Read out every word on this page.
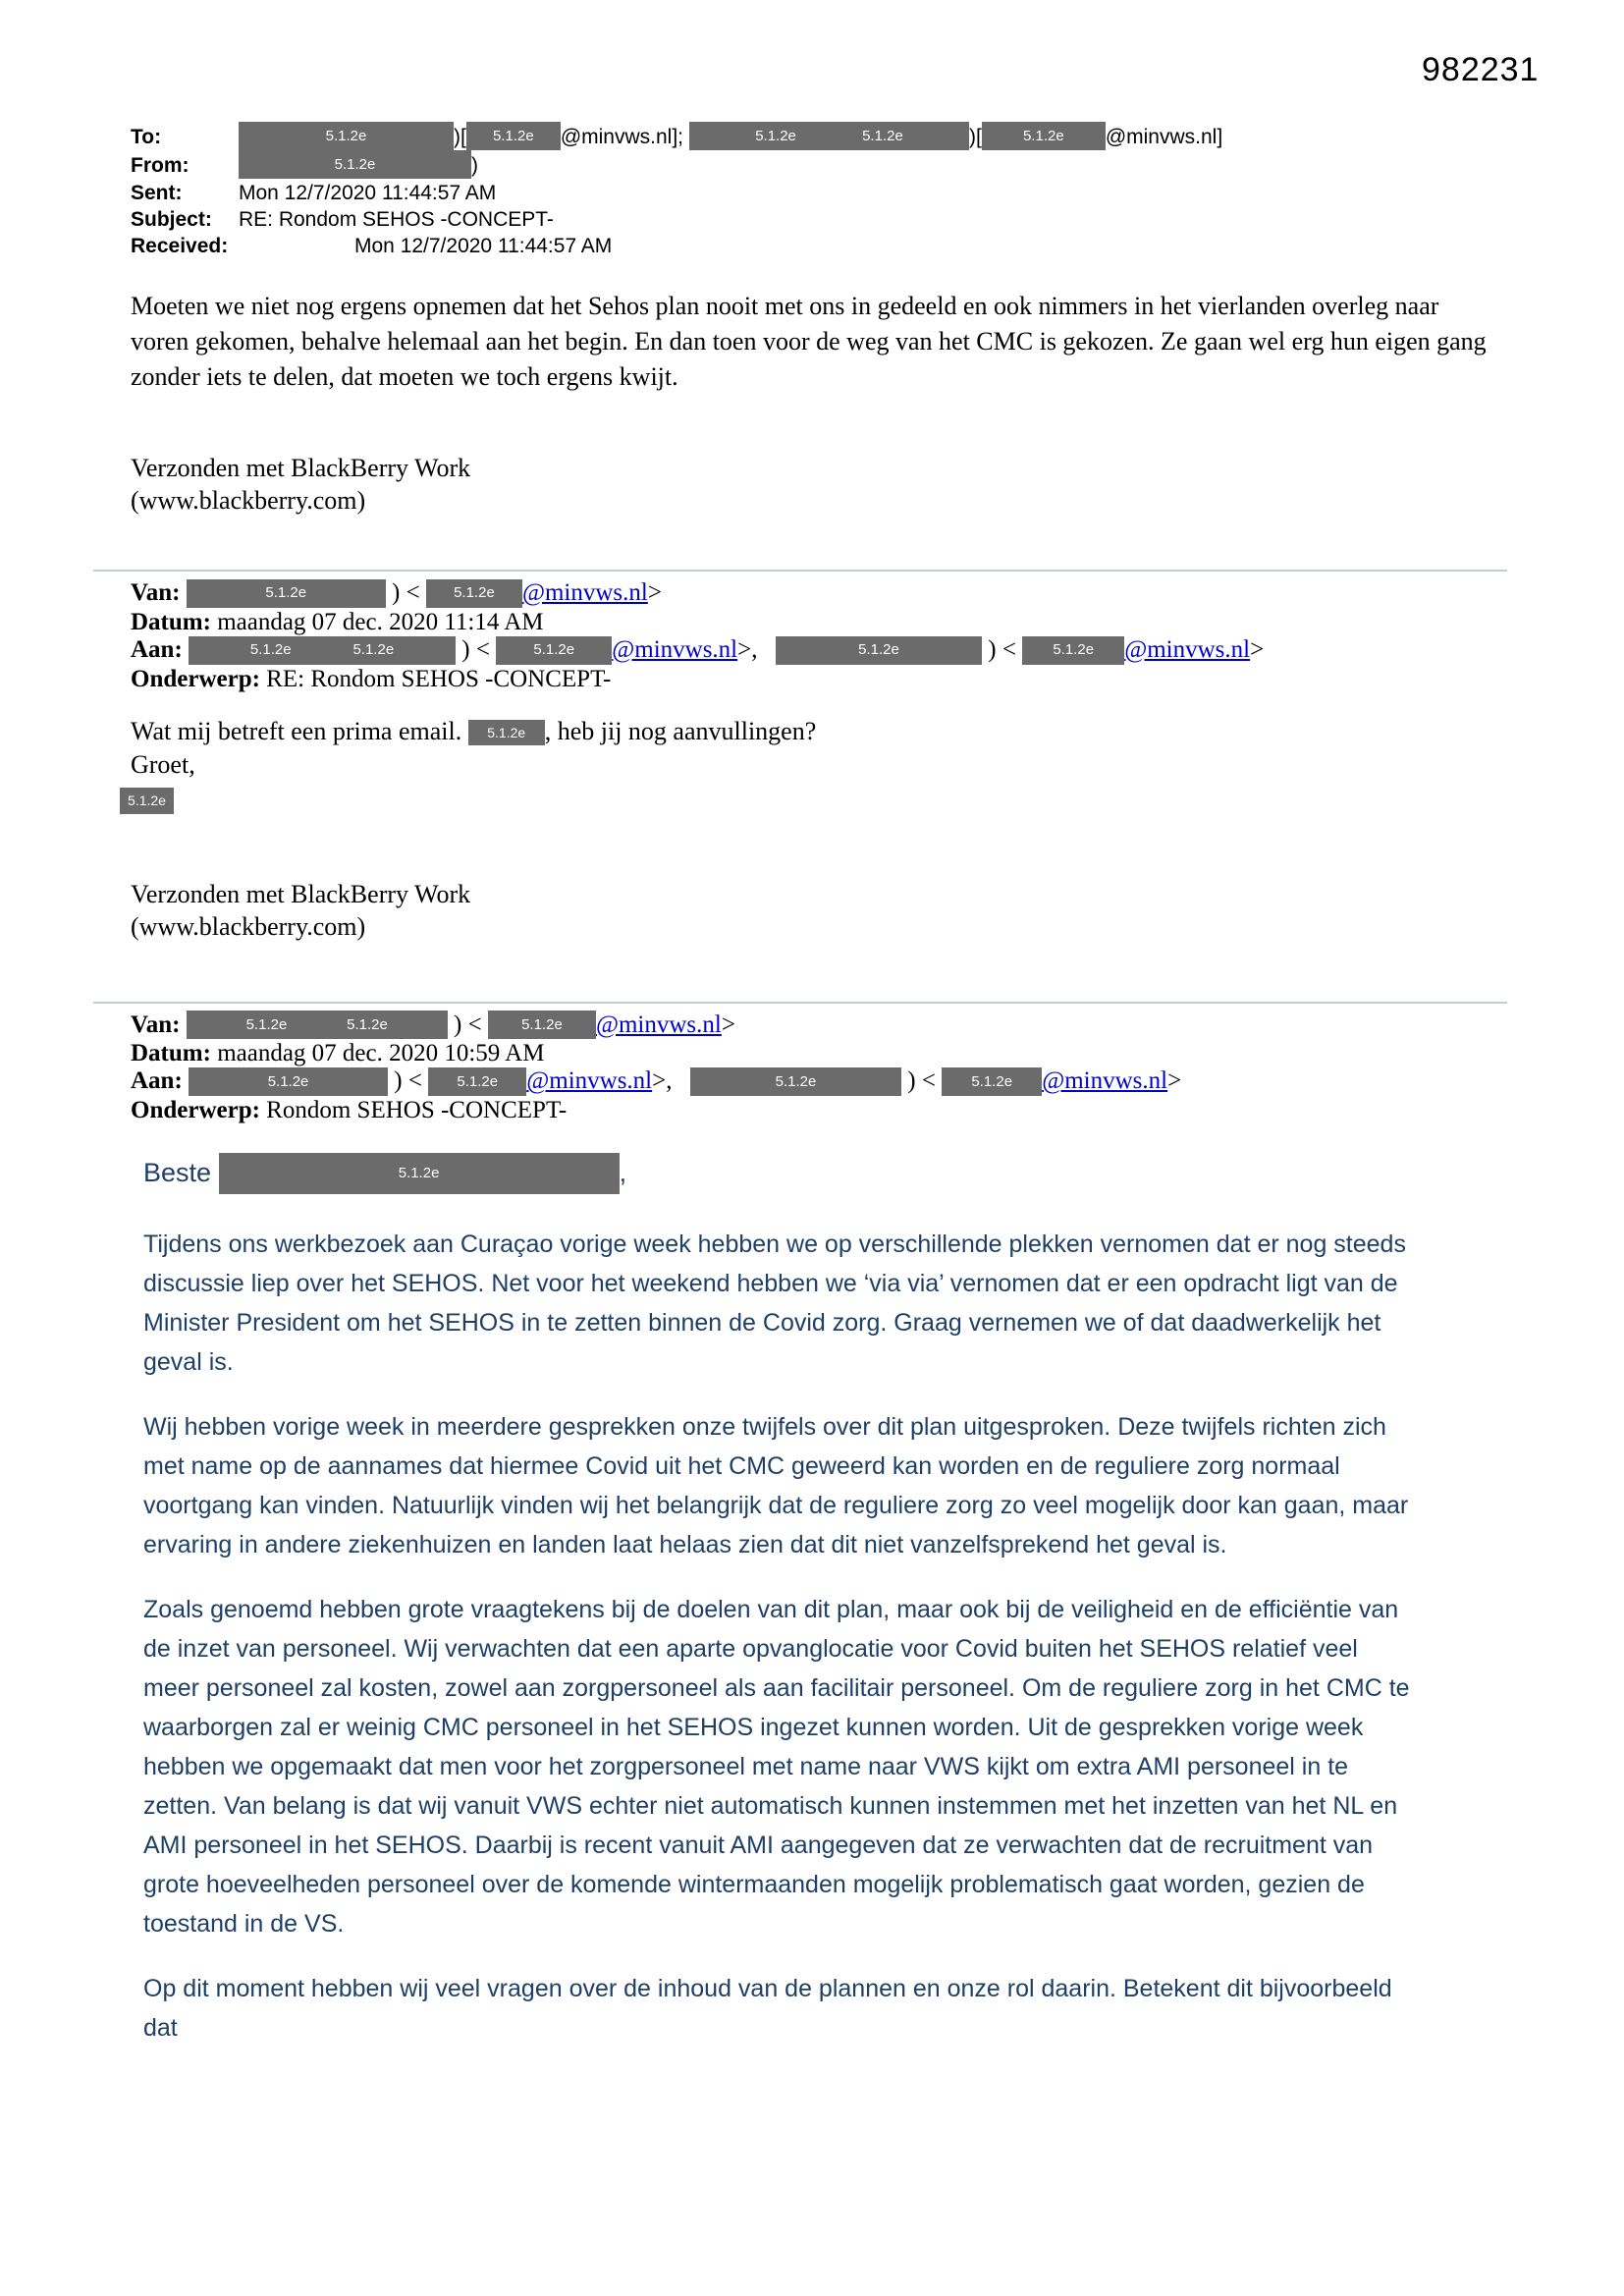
982231
To:	5.1.2e	)[	5.1.2e	@minvws.nl];	5.1.2e	5.1.2e	)[	5.1.2e	@minvws.nl]
From:	5.1.2e	)
Sent:	Mon 12/7/2020 11:44:57 AM
Subject:	RE: Rondom SEHOS -CONCEPT-
Received:	Mon 12/7/2020 11:44:57 AM
Moeten we niet nog ergens opnemen dat het Sehos plan nooit met ons in gedeeld en ook nimmers in het vierlanden overleg naar voren gekomen, behalve helemaal aan het begin. En dan toen voor de weg van het CMC is gekozen. Ze gaan wel erg hun eigen gang zonder iets te delen, dat moeten we toch ergens kwijt.
Verzonden met BlackBerry Work
(www.blackberry.com)
Van:	5.1.2e	) < 5.1.2e @minvws.nl>
Datum: maandag 07 dec. 2020 11:14 AM
Aan:	5.1.2e	5.1.2e	) <	5.1.2e @minvws.nl>,	5.1.2e	) < 5.1.2e @minvws.nl>
Onderwerp: RE: Rondom SEHOS -CONCEPT-
Wat mij betreft een prima email. 5.1.2e , heb jij nog aanvullingen?
Groet,
5.1.2e
Verzonden met BlackBerry Work
(www.blackberry.com)
Van:	5.1.2e	5.1.2e	) <	5.1.2e @minvws.nl>
Datum: maandag 07 dec. 2020 10:59 AM
Aan:	5.1.2e	) < 5.1.2e @minvws.nl>,	5.1.2e	) < 5.1.2e @minvws.nl>
Onderwerp: Rondom SEHOS -CONCEPT-
Beste	5.1.2e	,
Tijdens ons werkbezoek aan Curaçao vorige week hebben we op verschillende plekken vernomen dat er nog steeds discussie liep over het SEHOS. Net voor het weekend hebben we ‘via via’ vernomen dat er een opdracht ligt van de Minister President om het SEHOS in te zetten binnen de Covid zorg. Graag vernemen we of dat daadwerkelijk het geval is.
Wij hebben vorige week in meerdere gesprekken onze twijfels over dit plan uitgesproken. Deze twijfels richten zich met name op de aannames dat hiermee Covid uit het CMC geweerd kan worden en de reguliere zorg normaal voortgang kan vinden. Natuurlijk vinden wij het belangrijk dat de reguliere zorg zo veel mogelijk door kan gaan, maar ervaring in andere ziekenhuizen en landen laat helaas zien dat dit niet vanzelfsprekend het geval is.
Zoals genoemd hebben grote vraagtekens bij de doelen van dit plan, maar ook bij de veiligheid en de efficiëntie van de inzet van personeel. Wij verwachten dat een aparte opvanglocatie voor Covid buiten het SEHOS relatief veel meer personeel zal kosten, zowel aan zorgpersoneel als aan facilitair personeel. Om de reguliere zorg in het CMC te waarborgen zal er weinig CMC personeel in het SEHOS ingezet kunnen worden. Uit de gesprekken vorige week hebben we opgemaakt dat men voor het zorgpersoneel met name naar VWS kijkt om extra AMI personeel in te zetten. Van belang is dat wij vanuit VWS echter niet automatisch kunnen instemmen met het inzetten van het NL en AMI personeel in het SEHOS. Daarbij is recent vanuit AMI aangegeven dat ze verwachten dat de recruitment van grote hoeveelheden personeel over de komende wintermaanden mogelijk problematisch gaat worden, gezien de toestand in de VS.
Op dit moment hebben wij veel vragen over de inhoud van de plannen en onze rol daarin. Betekent dit bijvoorbeeld dat
